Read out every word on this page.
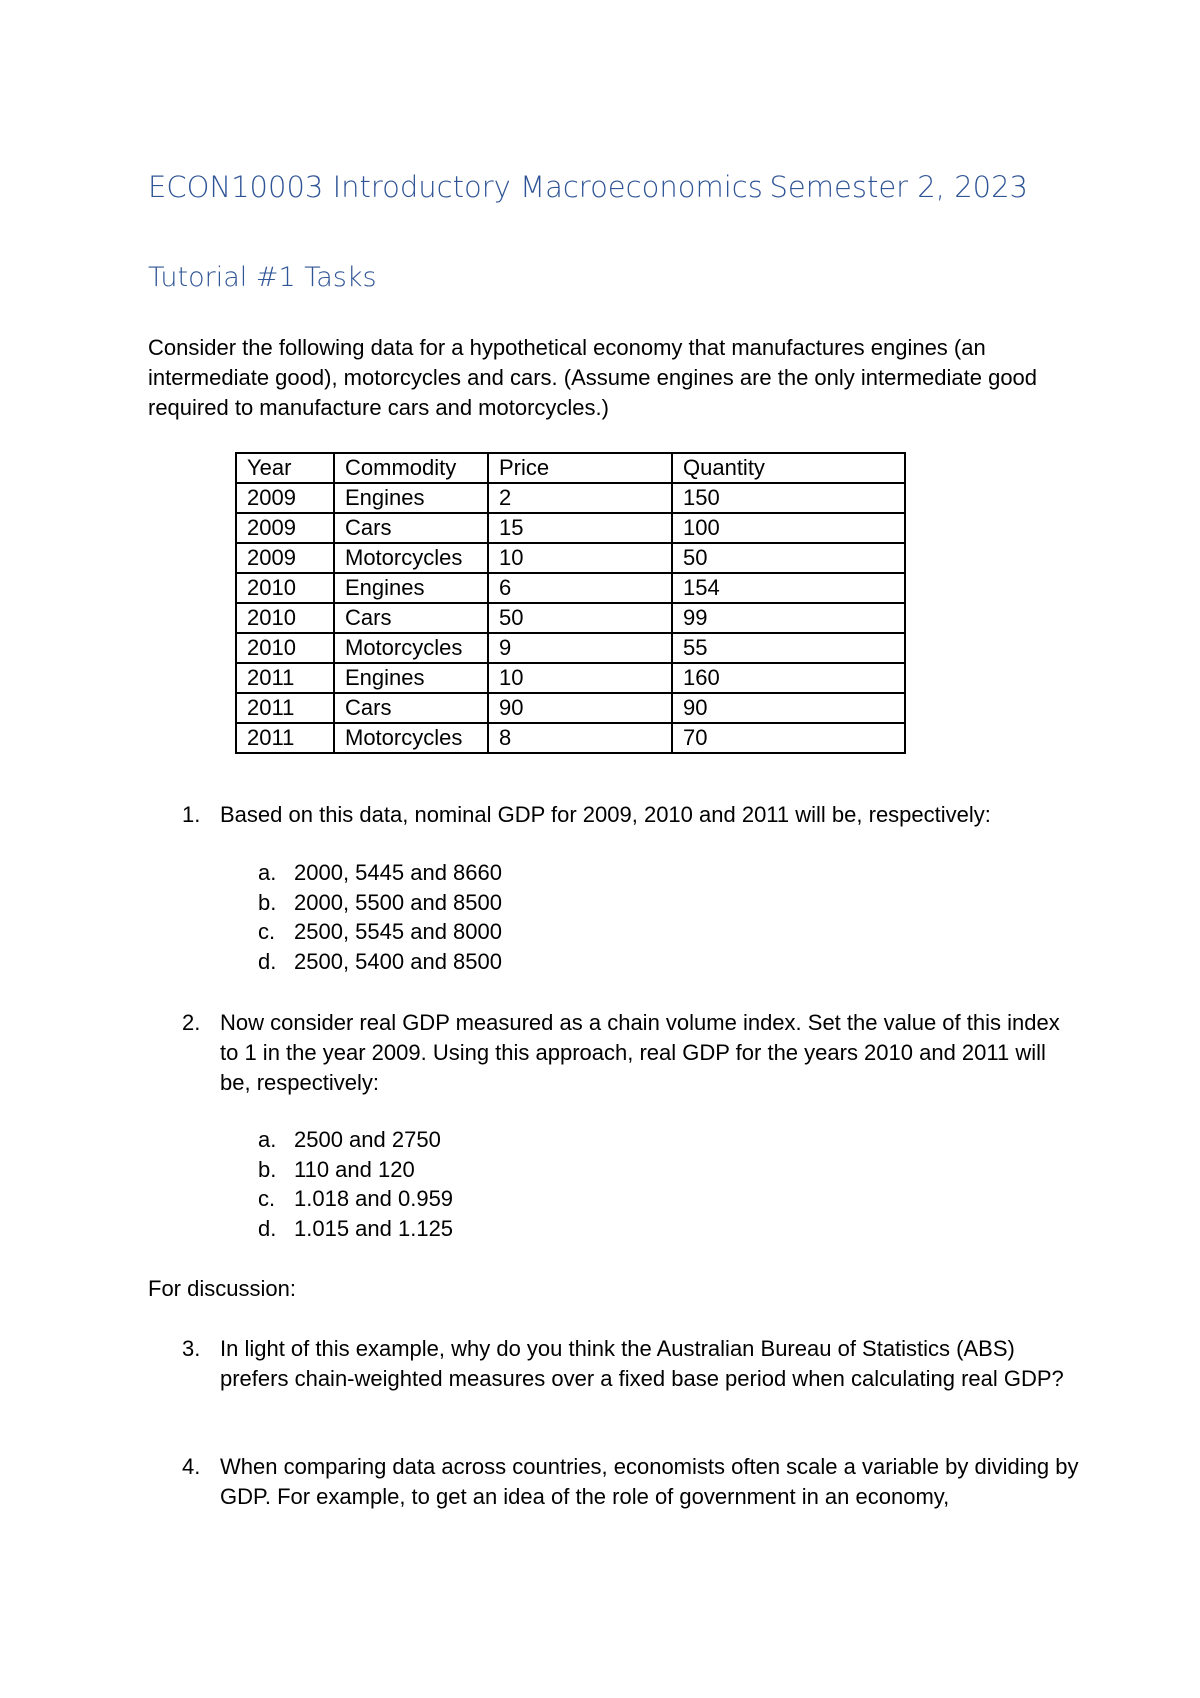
ECON10003 Introductory Macroeconomics Semester 2, 2023
Tutorial #1 Tasks
Consider the following data for a hypothetical economy that manufactures engines (an intermediate good), motorcycles and cars. (Assume engines are the only intermediate good required to manufacture cars and motorcycles.)
Year	Commodity	Price	Quantity
2009	Engines	2	150
2009	Cars	15	100
2009	Motorcycles	10	50
2010	Engines	6	154
2010	Cars	50	99
2010	Motorcycles	9	55
2011	Engines	10	160
2011	Cars	90	90
2011	Motorcycles	8	70
1. Based on this data, nominal GDP for 2009, 2010 and 2011 will be, respectively:
a. 2000, 5445 and 8660
b. 2000, 5500 and 8500
c. 2500, 5545 and 8000
d. 2500, 5400 and 8500
2. Now consider real GDP measured as a chain volume index. Set the value of this index to 1 in the year 2009. Using this approach, real GDP for the years 2010 and 2011 will be, respectively:
a. 2500 and 2750
b. 110 and 120
c. 1.018 and 0.959
d. 1.015 and 1.125
For discussion:
3. In light of this example, why do you think the Australian Bureau of Statistics (ABS) prefers chain-weighted measures over a fixed base period when calculating real GDP?
4. When comparing data across countries, economists often scale a variable by dividing by GDP. For example, to get an idea of the role of government in an economy,
